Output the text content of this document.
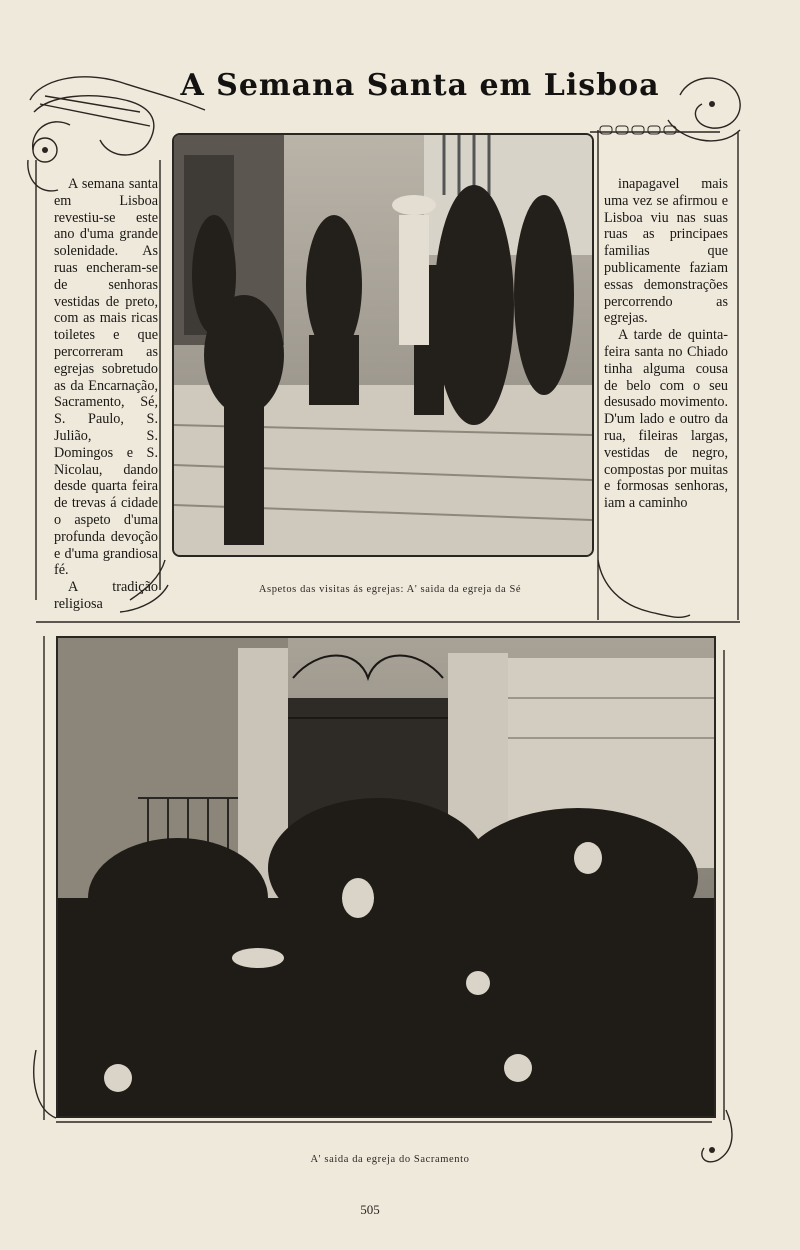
A Semana Santa em Lisboa

A semana santa em Lisboa revestiu-se este ano d'uma grande solenidade. As ruas encheram-se de senhoras vestidas de preto, com as mais ricas toiletes e que percorreram as egrejas sobretudo as da Encarnação, Sacramento, Sé, S. Paulo, S. Julião, S. Domingos e S. Nicolau, dando desde quarta feira de trevas á cidade o aspeto d'uma profunda devoção e d'uma grandiosa fé.

A tradição religiosa

inapagavel mais uma vez se afirmou e Lisboa viu nas suas ruas as principaes familias que publicamente faziam essas demonstrações percorrendo as egrejas.

A tarde de quinta-feira santa no Chiado tinha alguma cousa de belo com o seu desusado movimento. D'um lado e outro da rua, fileiras largas, vestidas de negro, compostas por muitas e formosas senhoras, iam a caminho

Aspetos das visitas ás egrejas: A' saida da egreja da Sé
A' saida da egreja do Sacramento
505
